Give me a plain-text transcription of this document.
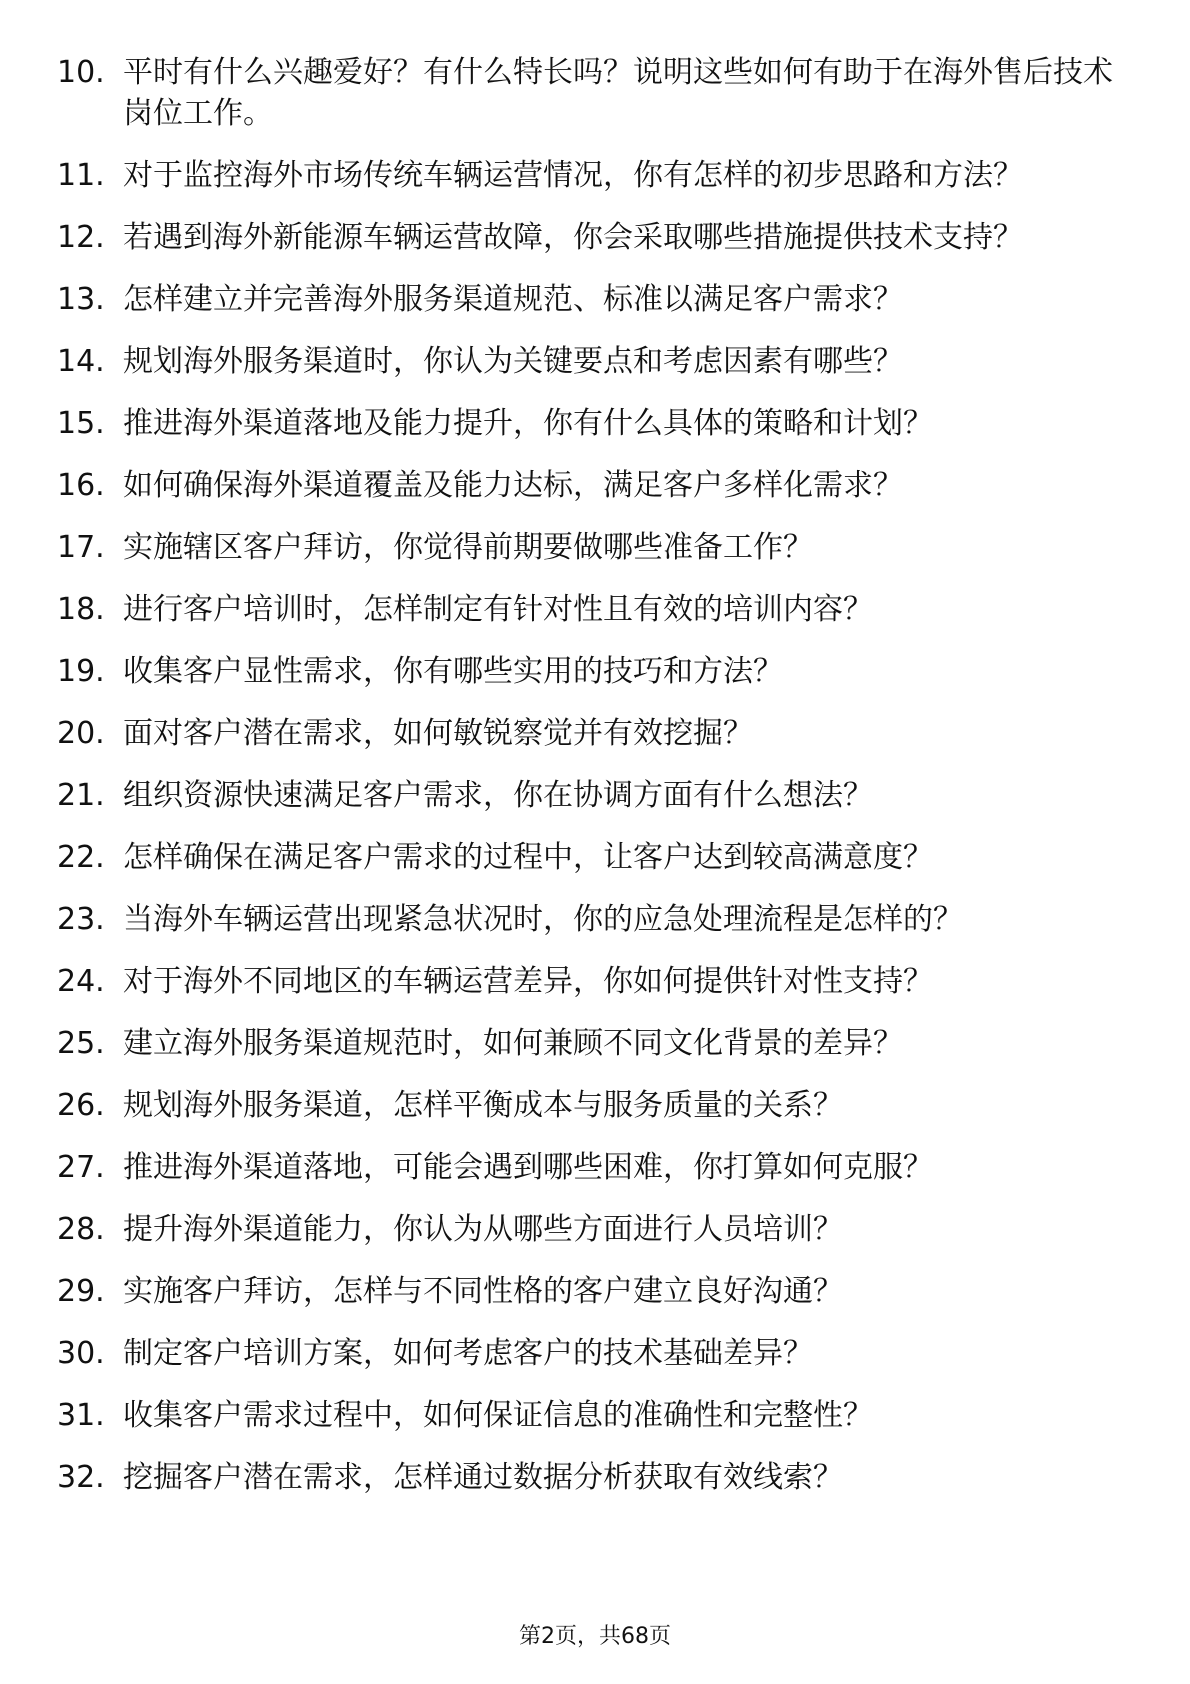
10. 平时有什么兴趣爱好？有什么特长吗？说明这些如何有助于在海外售后技术岗位工作。
11. 对于监控海外市场传统车辆运营情况，你有怎样的初步思路和方法？
12. 若遇到海外新能源车辆运营故障，你会采取哪些措施提供技术支持？
13. 怎样建立并完善海外服务渠道规范、标准以满足客户需求？
14. 规划海外服务渠道时，你认为关键要点和考虑因素有哪些？
15. 推进海外渠道落地及能力提升，你有什么具体的策略和计划？
16. 如何确保海外渠道覆盖及能力达标，满足客户多样化需求？
17. 实施辖区客户拜访，你觉得前期要做哪些准备工作？
18. 进行客户培训时，怎样制定有针对性且有效的培训内容？
19. 收集客户显性需求，你有哪些实用的技巧和方法？
20. 面对客户潜在需求，如何敏锐察觉并有效挖掘？
21. 组织资源快速满足客户需求，你在协调方面有什么想法？
22. 怎样确保在满足客户需求的过程中，让客户达到较高满意度？
23. 当海外车辆运营出现紧急状况时，你的应急处理流程是怎样的？
24. 对于海外不同地区的车辆运营差异，你如何提供针对性支持？
25. 建立海外服务渠道规范时，如何兼顾不同文化背景的差异？
26. 规划海外服务渠道，怎样平衡成本与服务质量的关系？
27. 推进海外渠道落地，可能会遇到哪些困难，你打算如何克服？
28. 提升海外渠道能力，你认为从哪些方面进行人员培训？
29. 实施客户拜访，怎样与不同性格的客户建立良好沟通？
30. 制定客户培训方案，如何考虑客户的技术基础差异？
31. 收集客户需求过程中，如何保证信息的准确性和完整性？
32. 挖掘客户潜在需求，怎样通过数据分析获取有效线索？
第2页，共68页
